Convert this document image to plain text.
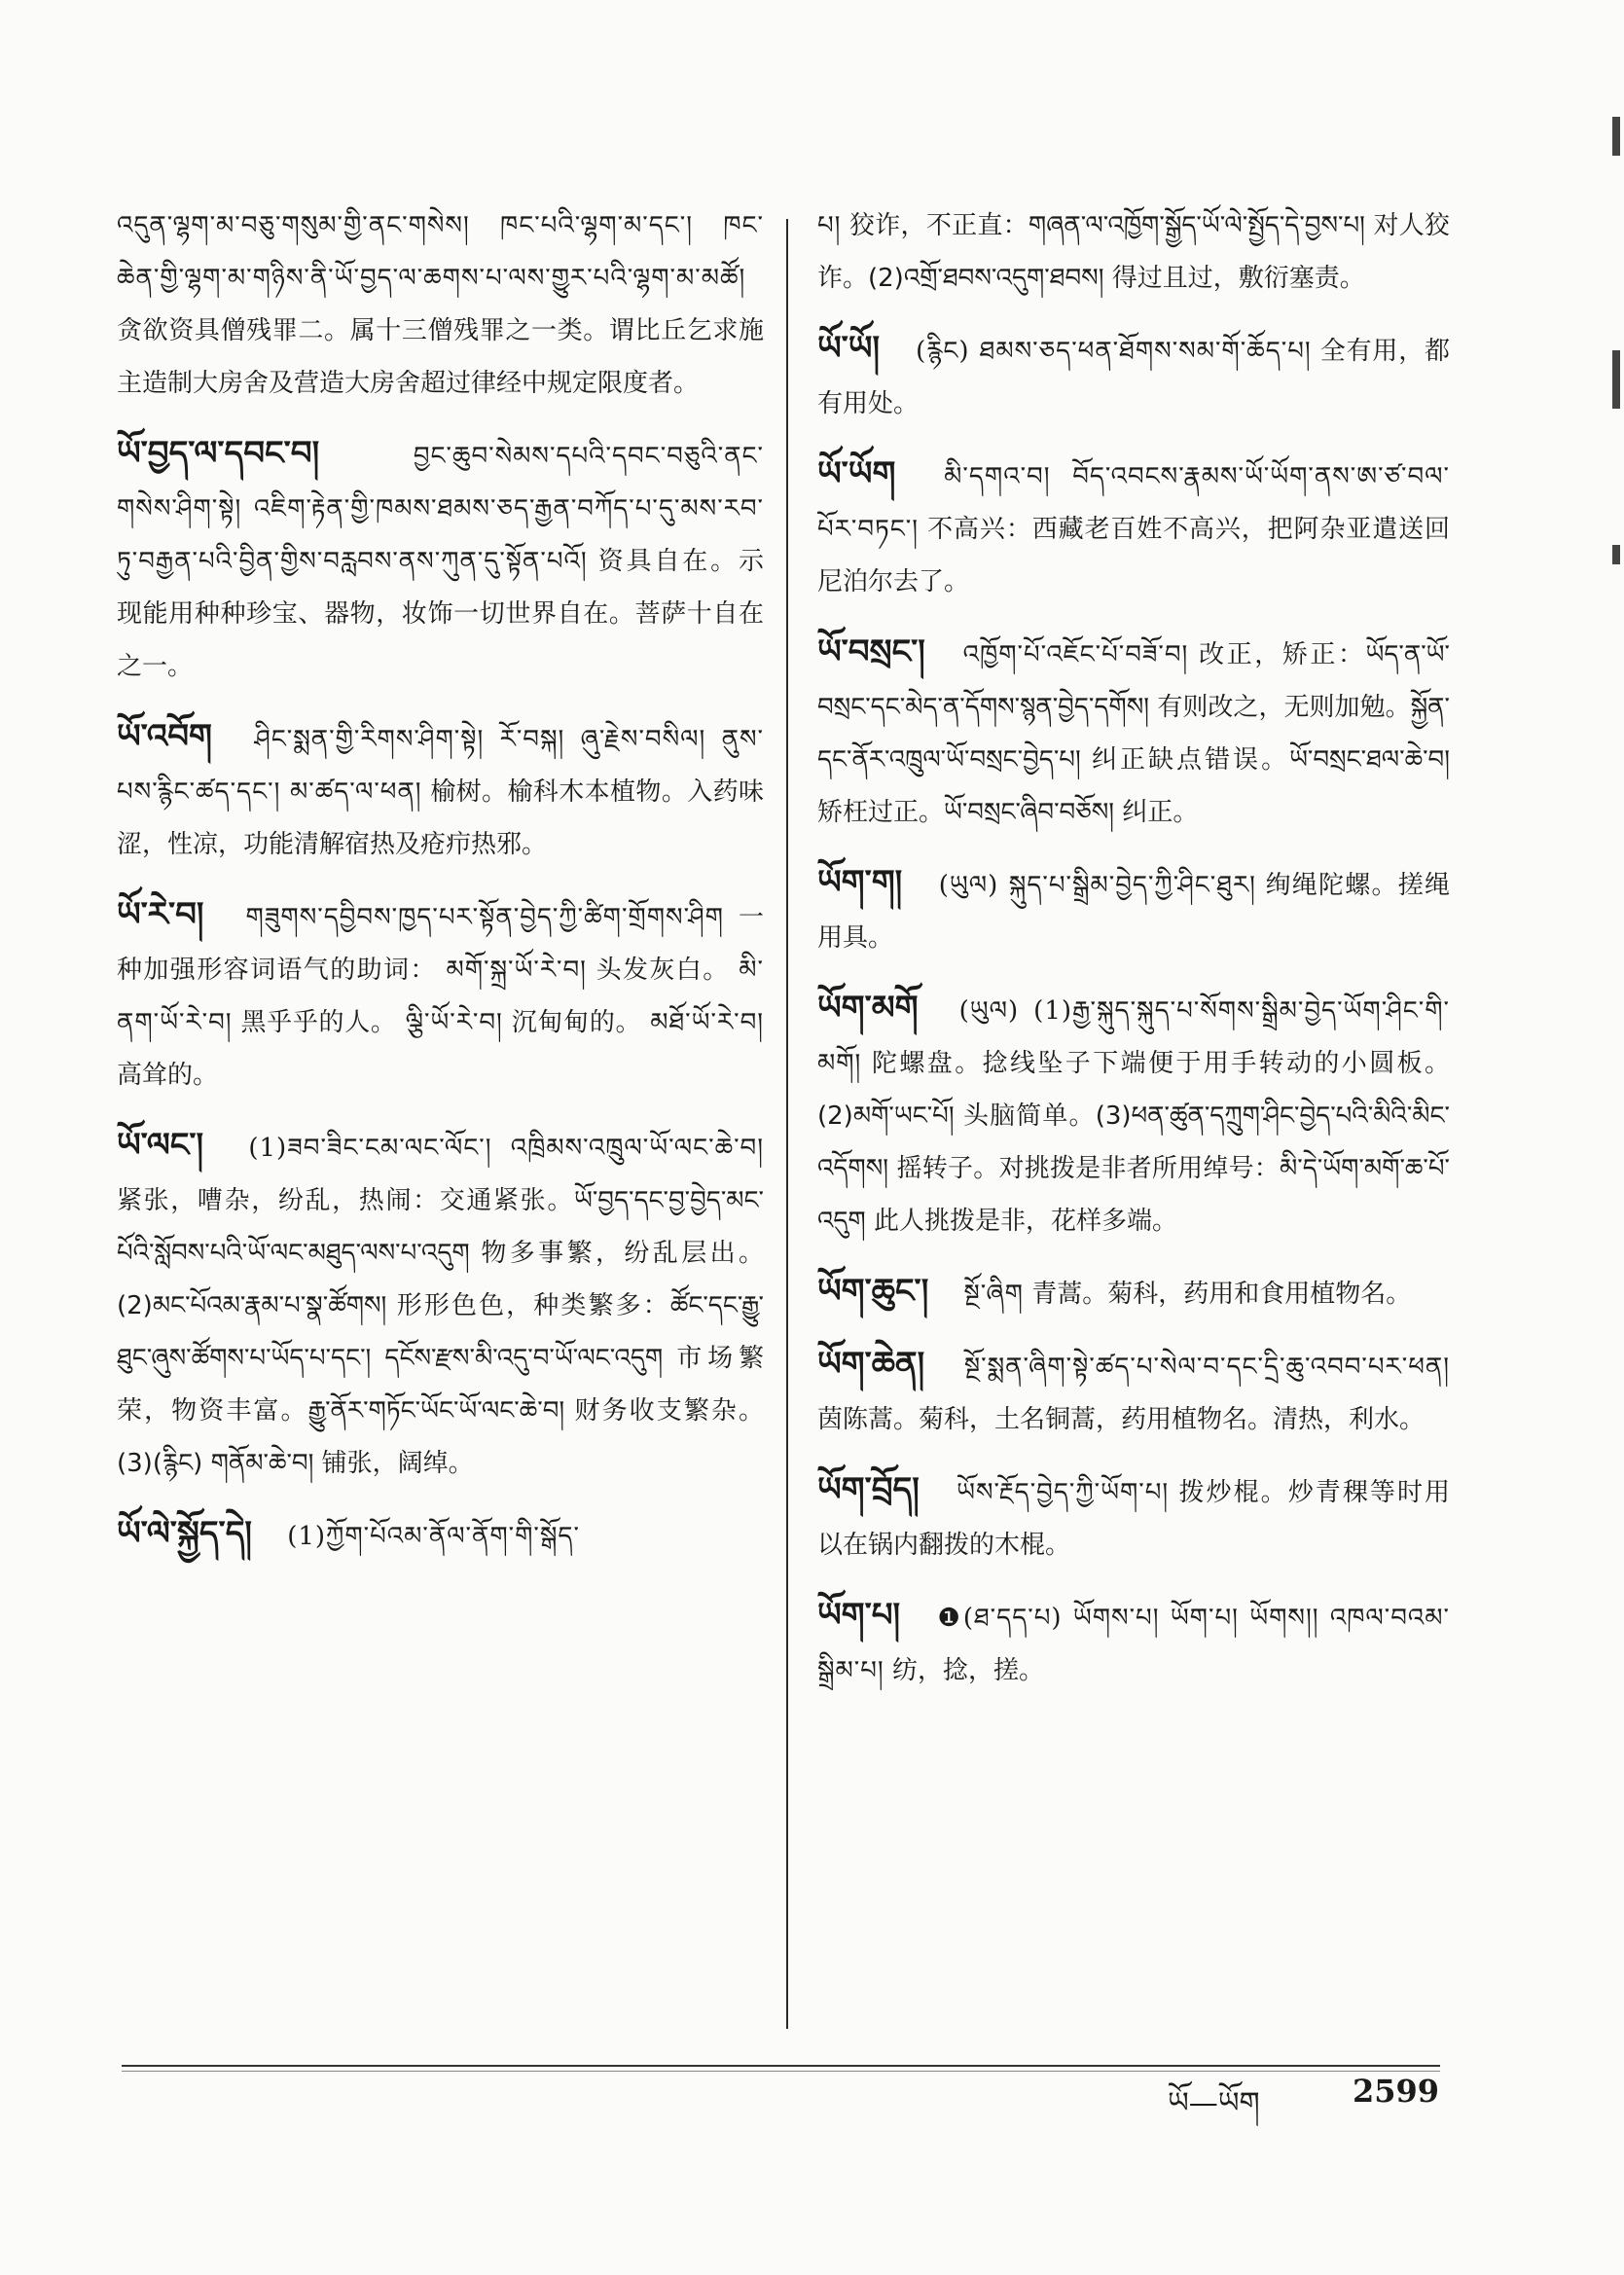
འདུན་ལྷག་མ་བཅུ་གསུམ་གྱི་ནང་གསེས། ཁང་པའི་ལྷག་མ་དང་། ཁང་ཆེན་གྱི་ལྷག་མ་གཉིས་ནི་ཡོ་བྱད་ལ་ཆགས་པ་ལས་གྱུར་པའི་ལྷག་མ་མཚོ། 贪欲资具僧残罪二。属十三僧残罪之一类。谓比丘乞求施主造制大房舍及营造大房舍超过律经中规定限度者。
ཡོ་བྱད་ལ་དབང་བ།	བྱང་ཆུབ་སེམས་དཔའི་དབང་བཅུའི་ནང་གསེས་ཤིག་སྟེ། འཇིག་རྟེན་གྱི་ཁམས་ཐམས་ཅད་རྒྱན་བཀོད་པ་དུ་མས་རབ་ཏུ་བརྒྱན་པའི་བྱིན་གྱིས་བརླབས་ནས་ཀུན་དུ་སྟོན་པའོ། 资具自在。示现能用种种珍宝、器物，妆饰一切世界自在。菩萨十自在之一。
ཡོ་འབོག ཤིང་སྨན་གྱི་རིགས་ཤིག་སྟེ། རོ་བསྐ། ཞུ་རྗེས་བསིལ། ནུས་པས་རྙིང་ཚད་དང་། མ་ཚད་ལ་ཕན། 榆树。榆科木本植物。入药味涩，性凉，功能清解宿热及疮疖热邪。
ཡོ་རེ་བ། གཟུགས་དབྱིབས་ཁྱད་པར་སྟོན་བྱེད་ཀྱི་ཚིག་གྲོགས་ཤིག 一种加强形容词语气的助词： མགོ་སྐྲ་ཡོ་རེ་བ། 头发灰白。 མི་ནག་ཡོ་རེ་བ། 黑乎乎的人。 ལྕི་ཡོ་རེ་བ། 沉甸甸的。 མཐོ་ཡོ་རེ་བ། 高耸的。
ཡོ་ལང་། (1)ཟབ་ཟིང་ངམ་ལང་ལོང་། འཁྲིམས་འཁྲུལ་ཡོ་ལང་ཆེ་བ། 紧张，嘈杂，纷乱，热闹：交通紧张。ཡོ་བྱད་དང་བྱ་བྱེད་མང་པོའི་སློབས་པའི་ཡོ་ལང་མཐུད་ལས་པ་འདུག 物多事繁，纷乱层出。(2)མང་པོའམ་རྣམ་པ་སྣ་ཚོགས། 形形色色，种类繁多：ཚོང་དང་རྒྱུ་ཐུང་ཞུས་ཚོགས་པ་ཡོད་པ་དང་། དངོས་རྫས་མི་འདུ་བ་ཡོ་ལང་འདུག 市场繁荣，物资丰富。རྒྱུ་ནོར་གཏོང་ཡོང་ཡོ་ལང་ཆེ་བ། 财务收支繁杂。(3)(རྙིང) གནོམ་ཆེ་བ། 铺张，阔绰。
ཡོ་ལེ་སྐྱོད་དེ། (1)ཀྱོག་པོའམ་ནོལ་ནོག་གི་སྒོད་
པ། 狡诈，不正直：གཞན་ལ་འཁྱོག་སྒྱོད་ཡོ་ལེ་སྤྱོད་དེ་བྱས་པ། 对人狡诈。(2)འགྲོ་ཐབས་འདུག་ཐབས། 得过且过，敷衍塞责。
ཡོ་ཡོ། (རྙིང) ཐམས་ཅད་ཕན་ཐོགས་སམ་གོ་ཆོད་པ། 全有用，都有用处。
ཡོ་ཡོག མི་དགའ་བ། བོད་འབངས་རྣམས་ཡོ་ཡོག་ནས་ཨ་ཙ་བལ་པོར་བཏང་། 不高兴：西藏老百姓不高兴，把阿杂亚遣送回尼泊尔去了。
ཡོ་བསྲང་། འཁྱོག་པོ་འཇོང་པོ་བཟོ་བ། 改正，矫正：ཡོད་ན་ཡོ་བསྲང་དང་མེད་ན་དོགས་སྙན་བྱེད་དགོས། 有则改之，无则加勉。སྐྱོན་དང་ནོར་འཁྲུལ་ཡོ་བསྲང་བྱེད་པ། 纠正缺点错误。ཡོ་བསྲང་ཐལ་ཆེ་བ། 矫枉过正。ཡོ་བསྲང་ཞིབ་བཅོས། 纠正。
ཡོག་ག། (ཡུལ) སྐུད་པ་སྒྲིམ་བྱེད་ཀྱི་ཤིང་ཐུར། 绚绳陀螺。搓绳用具。
ཡོག་མགོ (ཡུལ) (1)རྒྱ་སྐུད་སྐུད་པ་སོགས་སྒྲིམ་བྱེད་ཡོག་ཤིང་གི་མགོ། 陀螺盘。捻线坠子下端便于用手转动的小圆板。(2)མགོ་ཡང་པོ། 头脑简单。(3)ཕན་ཚུན་དཀྲུག་ཤིང་བྱེད་པའི་མིའི་མིང་འདོགས། 摇转子。对挑拨是非者所用绰号：མི་དེ་ཡོག་མགོ་ཆ་པོ་འདུག 此人挑拨是非，花样多端。
ཡོག་ཆུང་། སྔོ་ཞིག 青蒿。菊科，药用和食用植物名。
ཡོག་ཆེན། སྔོ་སྨན་ཞིག་སྟེ་ཚད་པ་སེལ་བ་དང་དྲི་ཆུ་འབབ་པར་ཕན། 茵陈蒿。菊科，土名铜蒿，药用植物名。清热，利水。
ཡོག་བྲོད། ཡོས་རྔོད་བྱེད་ཀྱི་ཡོག་པ། 拨炒棍。炒青稞等时用以在锅内翻拨的木棍。
ཡོག་པ། ❶(ཐ་དད་པ) ཡོགས་པ། ཡོག་པ། ཡོགས།། འཁལ་བའམ་སྒྲིམ་པ། 纺，捻，搓。
ཡོ—ཡོག	2599
